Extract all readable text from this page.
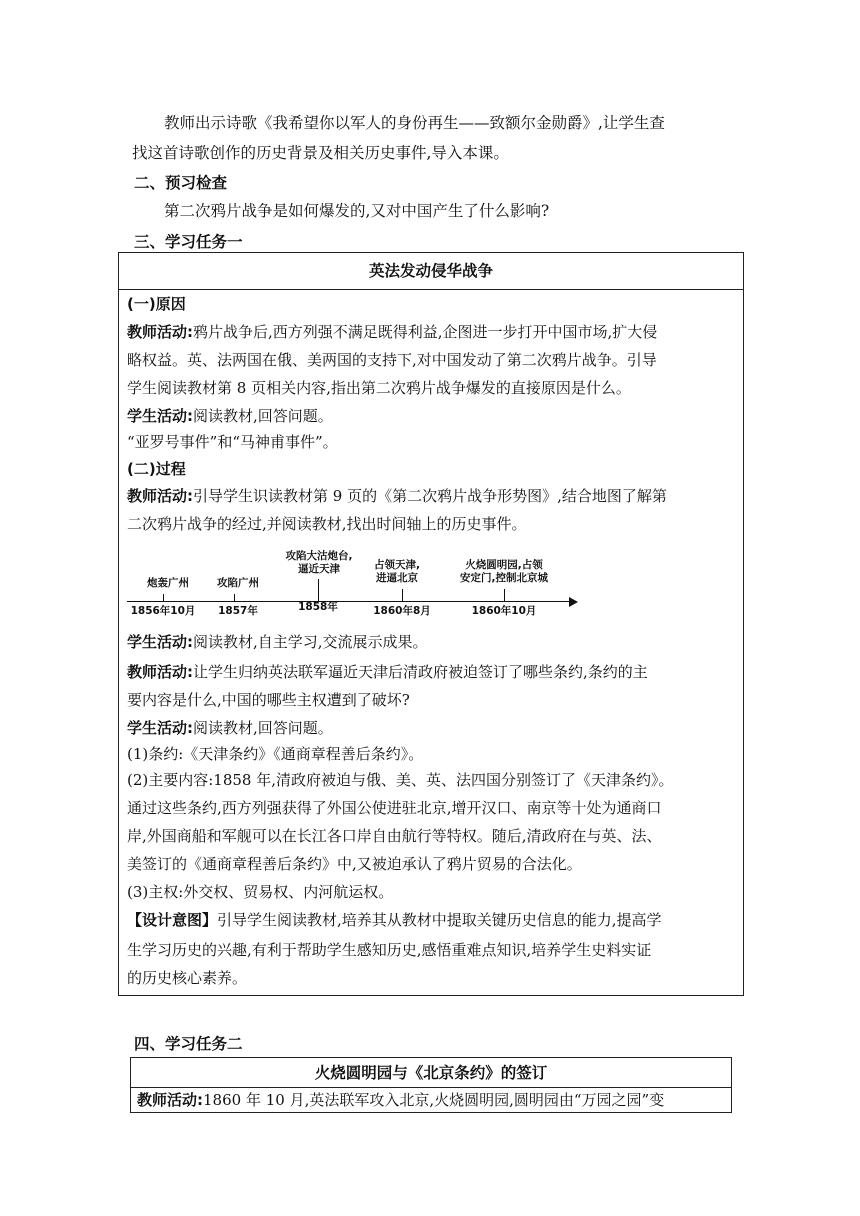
教师出示诗歌《我希望你以军人的身份再生——致额尔金勋爵》,让学生查
找这首诗歌创作的历史背景及相关历史事件,导入本课。
二、预习检查
第二次鸦片战争是如何爆发的,又对中国产生了什么影响?
三、学习任务一
英法发动侵华战争
(一)原因
教师活动:鸦片战争后,西方列强不满足既得利益,企图进一步打开中国市场,扩大侵
略权益。英、法两国在俄、美两国的支持下,对中国发动了第二次鸦片战争。引导
学生阅读教材第 8 页相关内容,指出第二次鸦片战争爆发的直接原因是什么。
学生活动:阅读教材,回答问题。
“亚罗号事件”和“马神甫事件”。
(二)过程
教师活动:引导学生识读教材第 9 页的《第二次鸦片战争形势图》,结合地图了解第
二次鸦片战争的经过,并阅读教材,找出时间轴上的历史事件。
炮轰广州
1856年10月
攻陷广州
1857年
攻陷大沽炮台,
逼近天津
1858年
占领天津,
进逼北京
1860年8月
火烧圆明园,占领
安定门,控制北京城
1860年10月
学生活动:阅读教材,自主学习,交流展示成果。
教师活动:让学生归纳英法联军逼近天津后清政府被迫签订了哪些条约,条约的主
要内容是什么,中国的哪些主权遭到了破坏?
学生活动:阅读教材,回答问题。
(1)条约:《天津条约》《通商章程善后条约》。
(2)主要内容:1858 年,清政府被迫与俄、美、英、法四国分别签订了《天津条约》。
通过这些条约,西方列强获得了外国公使进驻北京,增开汉口、南京等十处为通商口
岸,外国商船和军舰可以在长江各口岸自由航行等特权。随后,清政府在与英、法、
美签订的《通商章程善后条约》中,又被迫承认了鸦片贸易的合法化。
(3)主权:外交权、贸易权、内河航运权。
【设计意图】引导学生阅读教材,培养其从教材中提取关键历史信息的能力,提高学
生学习历史的兴趣,有利于帮助学生感知历史,感悟重难点知识,培养学生史料实证
的历史核心素养。
四、学习任务二
火烧圆明园与《北京条约》的签订
教师活动:1860 年 10 月,英法联军攻入北京,火烧圆明园,圆明园由“万园之园”变
